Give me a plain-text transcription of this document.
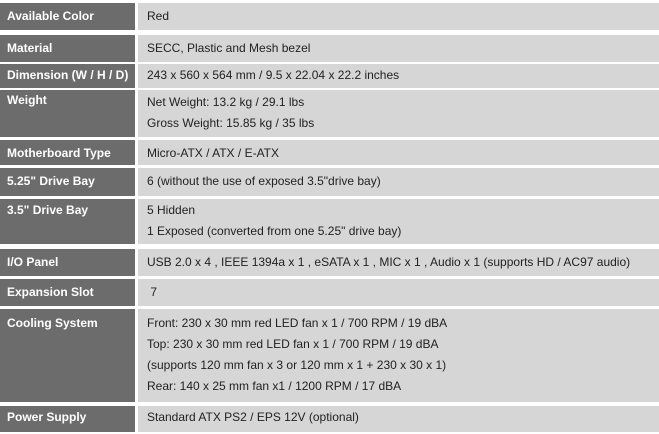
Available Color	Red
Material	SECC, Plastic and Mesh bezel
Dimension (W / H / D)	243 x 560 x 564 mm / 9.5 x 22.04 x 22.2 inches
Weight	Net Weight: 13.2 kg / 29.1 lbs
Gross Weight: 15.85 kg / 35 lbs
Motherboard Type	Micro-ATX / ATX / E-ATX
5.25" Drive Bay	6 (without the use of exposed 3.5"drive bay)
3.5" Drive Bay	5 Hidden
1 Exposed (converted from one 5.25" drive bay)
I/O Panel	USB 2.0 x 4 , IEEE 1394a x 1 , eSATA x 1 , MIC x 1 , Audio x 1 (supports HD / AC97 audio)
Expansion Slot	7
Cooling System	Front: 230 x 30 mm red LED fan x 1 / 700 RPM / 19 dBA
Top: 230 x 30 mm red LED fan x 1 / 700 RPM / 19 dBA
(supports 120 mm fan x 3 or 120 mm x 1 + 230 x 30 x 1)
Rear: 140 x 25 mm fan x1 / 1200 RPM / 17 dBA
Power Supply	Standard ATX PS2 / EPS 12V (optional)
